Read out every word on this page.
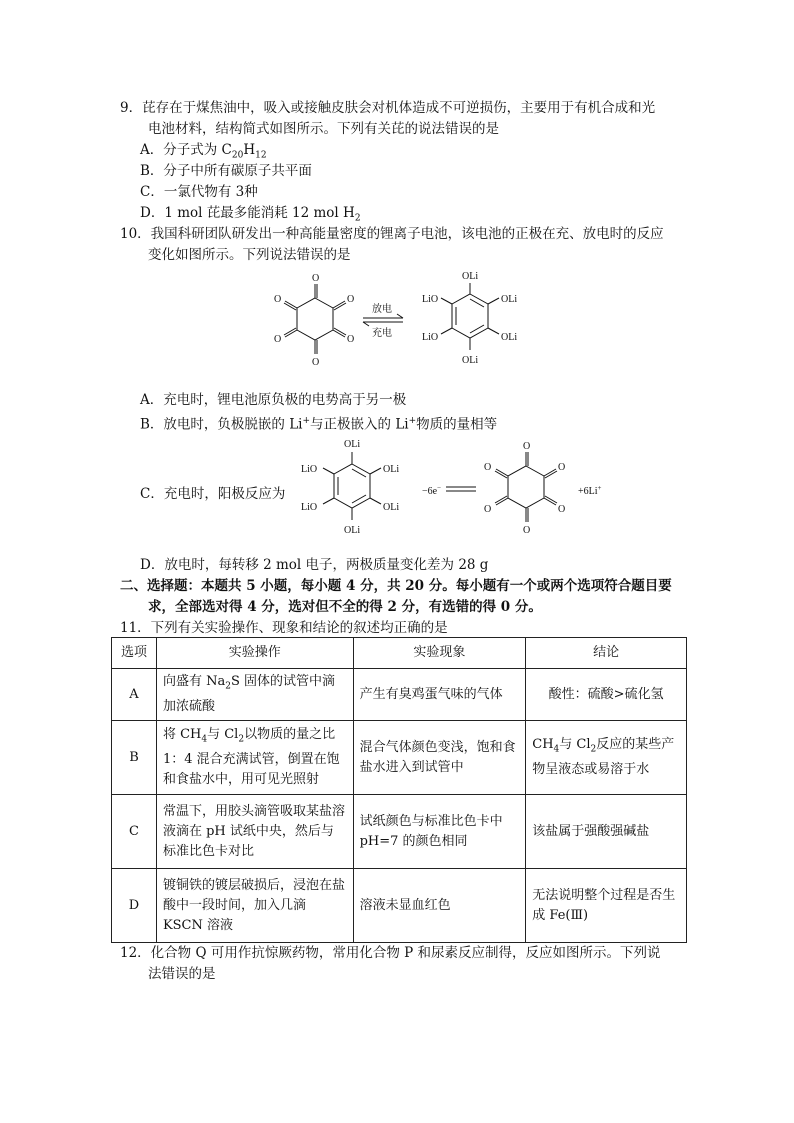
9．芘存在于煤焦油中，吸入或接触皮肤会对机体造成不可逆损伤，主要用于有机合成和光
电池材料，结构简式如图所示。下列有关芘的说法错误的是
A．分子式为 $C_{20}H_{12}$
B．分子中所有碳原子共平面
C．一氯代物有 3种
D．1 mol 芘最多能消耗 12 mol $H_2$
10．我国科研团队研发出一种高能量密度的锂离子电池，该电池的正极在充、放电时的反应
变化如图所示。下列说法错误的是
O
O
O
O
O
O
放电
充电
OLi
OLi
OLi
OLi
LiO
LiO
A．充电时，锂电池原负极的电势高于另一极
B．放电时，负极脱嵌的 Li+与正极嵌入的 Li+物质的量相等
C．充电时，阳极反应为
OLi
OLi
OLi
OLi
LiO
LiO
−6e−
O
O
O
O
O
O
+6Li+
D．放电时，每转移 2 mol 电子，两极质量变化差为 28 g
二、选择题：本题共 5 小题，每小题 4 分，共 20 分。每小题有一个或两个选项符合题目要
求，全部选对得 4 分，选对但不全的得 2 分，有选错的得 0 分。
11．下列有关实验操作、现象和结论的叙述均正确的是
选项	实验操作	实验现象	结论
A	向盛有 $Na_2S$ 固体的试管中滴加浓硫酸	产生有臭鸡蛋气味的气体	酸性：硫酸>硫化氢
B	将 $CH_4$与 $Cl_2$以物质的量之比 1：4 混合充满试管，倒置在饱和食盐水中，用可见光照射	混合气体颜色变浅，饱和食盐水进入到试管中	$CH_4$与 $Cl_2$反应的某些产物呈液态或易溶于水
C	常温下，用胶头滴管吸取某盐溶液滴在 pH 试纸中央，然后与标准比色卡对比	试纸颜色与标准比色卡中 pH=7 的颜色相同	该盐属于强酸强碱盐
D	镀铜铁的镀层破损后，浸泡在盐酸中一段时间，加入几滴 KSCN 溶液	溶液未显血红色	无法说明整个过程是否生成 Fe(Ⅲ)
12．化合物 Q 可用作抗惊厥药物，常用化合物 P 和尿素反应制得，反应如图所示。下列说
法错误的是
